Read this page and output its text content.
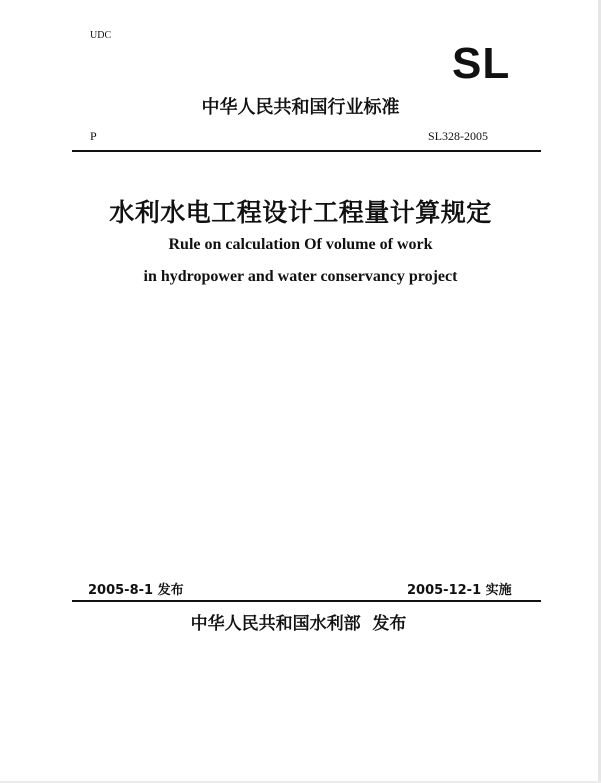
UDC
SL
中华人民共和国行业标准
P	SL328-2005
水利水电工程设计工程量计算规定
Rule on calculation Of volume of work
in hydropower and water conservancy project
2005-8-1 发布	2005-12-1 实施
中华人民共和国水利部  发布
